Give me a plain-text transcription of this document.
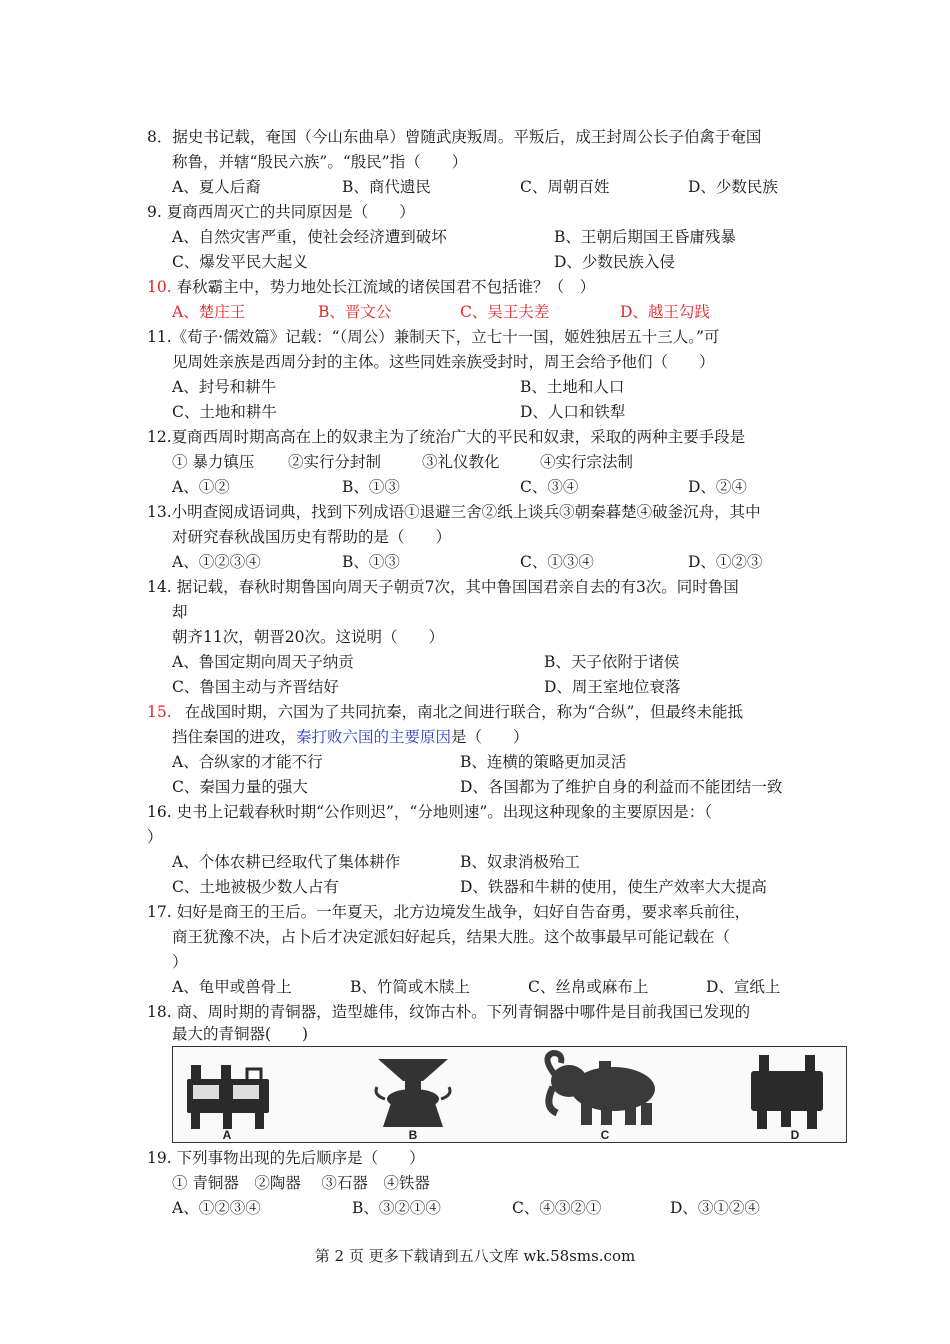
8．据史书记载，奄国（今山东曲阜）曾随武庚叛周。平叛后，成王封周公长子伯禽于奄国
称鲁，并辖“殷民六族”。“殷民”指（　　）
A、夏人后裔	B、商代遗民	C、周朝百姓	D、少数民族
9. 夏商西周灭亡的共同原因是（　　）
A、自然灾害严重，使社会经济遭到破坏	B、王朝后期国王昏庸残暴
C、爆发平民大起义	D、少数民族入侵
10. 春秋霸主中，势力地处长江流域的诸侯国君不包括谁？（　）
A、楚庄王	B、晋文公	C、吴王夫差	D、越王勾践
11.《荀子·儒效篇》记载：“（周公）兼制天下，立七十一国，姬姓独居五十三人。”可
见周姓亲族是西周分封的主体。这些同姓亲族受封时，周王会给予他们（　　）
A、封号和耕牛	B、土地和人口
C、土地和耕牛	D、人口和铁犁
12.夏商西周时期高高在上的奴隶主为了统治广大的平民和奴隶，采取的两种主要手段是
① 暴力镇压 ②实行分封制	③礼仪教化	④实行宗法制
A、①②	B、①③	C、③④	D、②④
13.小明查阅成语词典，找到下列成语①退避三舍②纸上谈兵③朝秦暮楚④破釜沉舟，其中
对研究春秋战国历史有帮助的是（　　）
A、①②③④	B、①③	C、①③④	D、①②③
14. 据记载，春秋时期鲁国向周天子朝贡7次，其中鲁国国君亲自去的有3次。同时鲁国
却
朝齐11次，朝晋20次。这说明（　　）
A、鲁国定期向周天子纳贡	B、天子依附于诸侯
C、鲁国主动与齐晋结好	D、周王室地位衰落
15. 在战国时期，六国为了共同抗秦，南北之间进行联合，称为“合纵”，但最终未能抵
挡住秦国的进攻，秦打败六国的主要原因是（　　）
A、合纵家的才能不行	B、连横的策略更加灵活
C、秦国力量的强大	D、各国都为了维护自身的利益而不能团结一致
16. 史书上记载春秋时期“公作则迟”，“分地则速”。出现这种现象的主要原因是：（
）
A、个体农耕已经取代了集体耕作	B、奴隶消极殆工
C、土地被极少数人占有	D、铁器和牛耕的使用，使生产效率大大提高
17. 妇好是商王的王后。一年夏天，北方边境发生战争，妇好自告奋勇，要求率兵前往，
商王犹豫不决，占卜后才决定派妇好起兵，结果大胜。这个故事最早可能记载在（
）
A、龟甲或兽骨上	B、竹简或木牍上	C、丝帛或麻布上	D、宣纸上
18. 商、周时期的青铜器，造型雄伟，纹饰古朴。下列青铜器中哪件是目前我国已发现的
最大的青铜器(　　)
A	B	C	D
19. 下列事物出现的先后顺序是（　　）
① 青铜器　②陶器　 ③石器　④铁器
A、①②③④	B、③②①④	C、④③②①	D、③①②④
第 2 页 更多下载请到五八文库 wk.58sms.com
